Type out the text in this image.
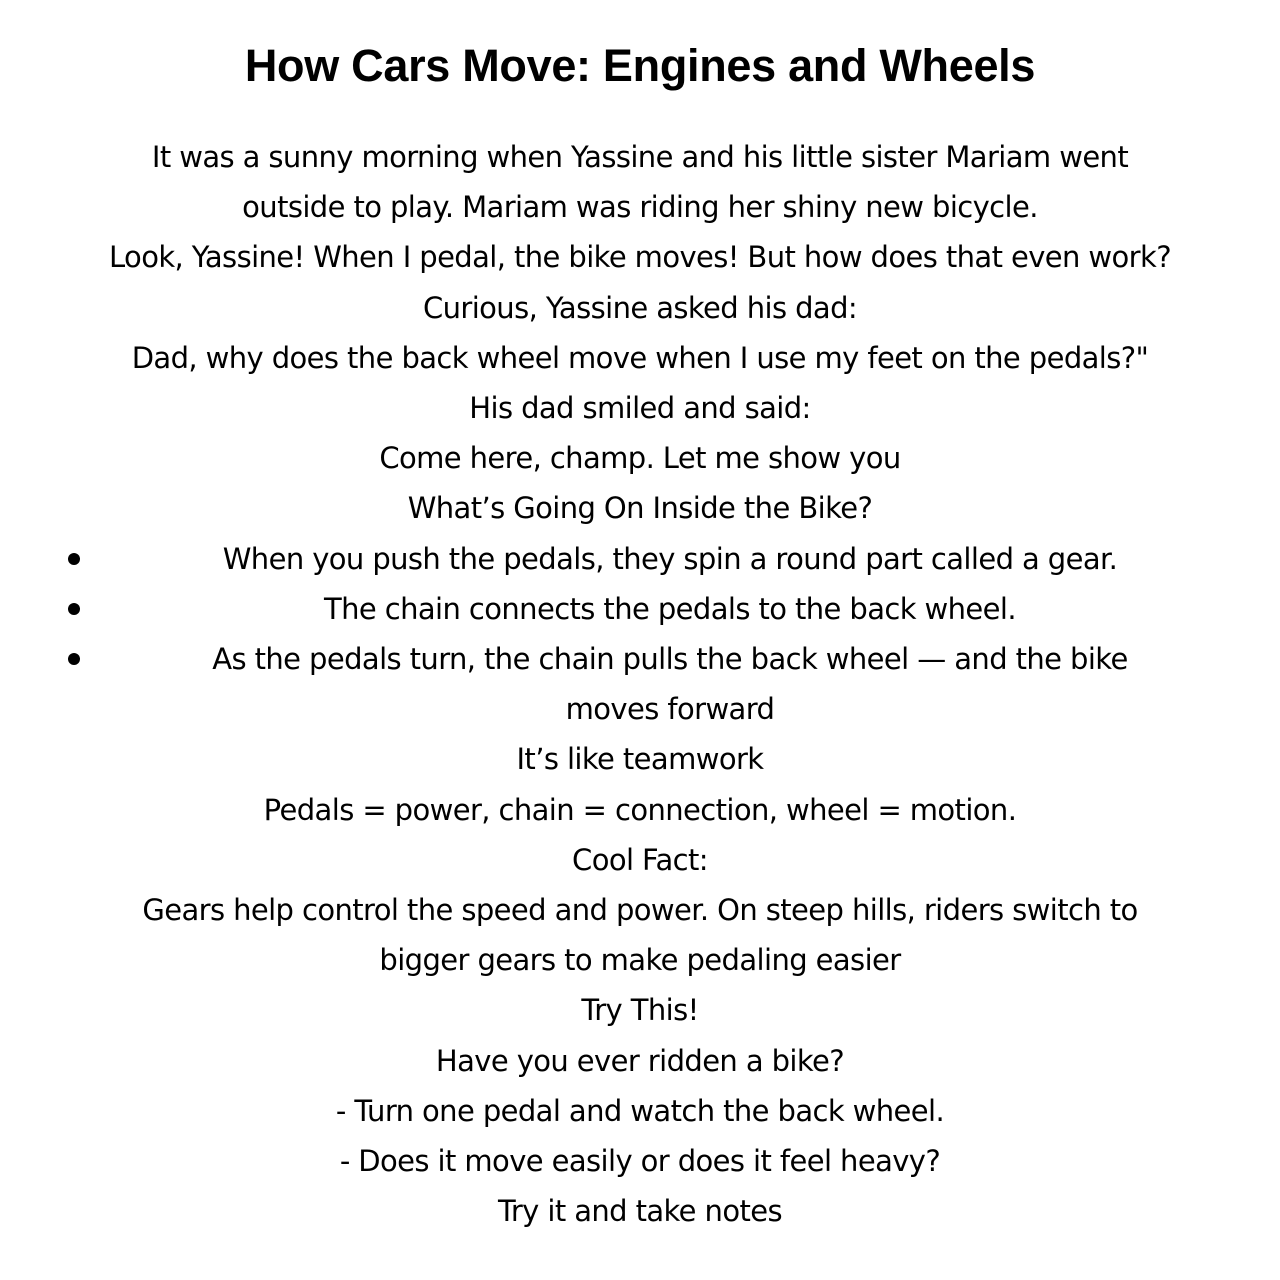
How Cars Move: Engines and Wheels
It was a sunny morning when Yassine and his little sister Mariam went
outside to play. Mariam was riding her shiny new bicycle.
Look, Yassine! When I pedal, the bike moves! But how does that even work?
Curious, Yassine asked his dad:
Dad, why does the back wheel move when I use my feet on the pedals?"
His dad smiled and said:
Come here, champ. Let me show you
What’s Going On Inside the Bike?
When you push the pedals, they spin a round part called a gear.
The chain connects the pedals to the back wheel.
As the pedals turn, the chain pulls the back wheel — and the bike
moves forward
It’s like teamwork
Pedals = power, chain = connection, wheel = motion.
Cool Fact:
Gears help control the speed and power. On steep hills, riders switch to
bigger gears to make pedaling easier
Try This!
Have you ever ridden a bike?
- Turn one pedal and watch the back wheel.
- Does it move easily or does it feel heavy?
Try it and take notes
